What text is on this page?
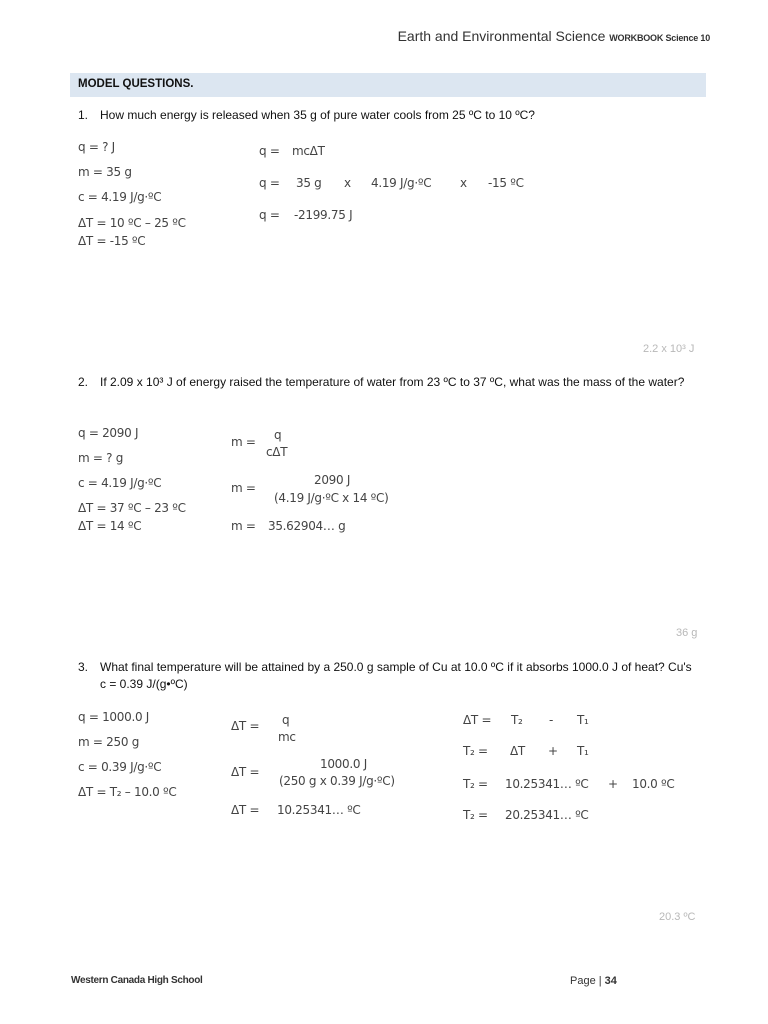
Earth and Environmental Science WORKBOOK Science 10
MODEL QUESTIONS.
1. How much energy is released when 35 g of pure water cools from 25 ºC to 10 ºC?
q = ? J
m = 35 g
c = 4.19 J/g·ºC
ΔT = 10 ºC – 25 ºC
ΔT = -15 ºC
q = mcΔT
q = 35 g x 4.19 J/g·ºC x -15 ºC
q = -2199.75 J
2.2 x 10³ J
2. If 2.09 x 10³ J of energy raised the temperature of water from 23 ºC to 37 ºC, what was the mass of the water?
q = 2090 J
m = ? g
c = 4.19 J/g·ºC
ΔT = 37 ºC – 23 ºC
ΔT = 14 ºC
m = q
cΔT
m =
2090 J
(4.19 J/g·ºC x 14 ºC)
m = 35.62904… g
36 g
3. What final temperature will be attained by a 250.0 g sample of Cu at 10.0 ºC if it absorbs 1000.0 J of heat? Cu's c = 0.39 J/(g•ºC)
q = 1000.0 J
m = 250 g
c = 0.39 J/g·ºC
ΔT = T₂ – 10.0 ºC
ΔT = q
mc
ΔT =
1000.0 J
(250 g x 0.39 J/g·ºC)
ΔT = 10.25341… ºC
ΔT = T₂ - T₁
T₂ = ΔT + T₁
T₂ = 10.25341… ºC + 10.0 ºC
T₂ = 20.25341… ºC
20.3 ºC
Western Canada High School	Page | 34
